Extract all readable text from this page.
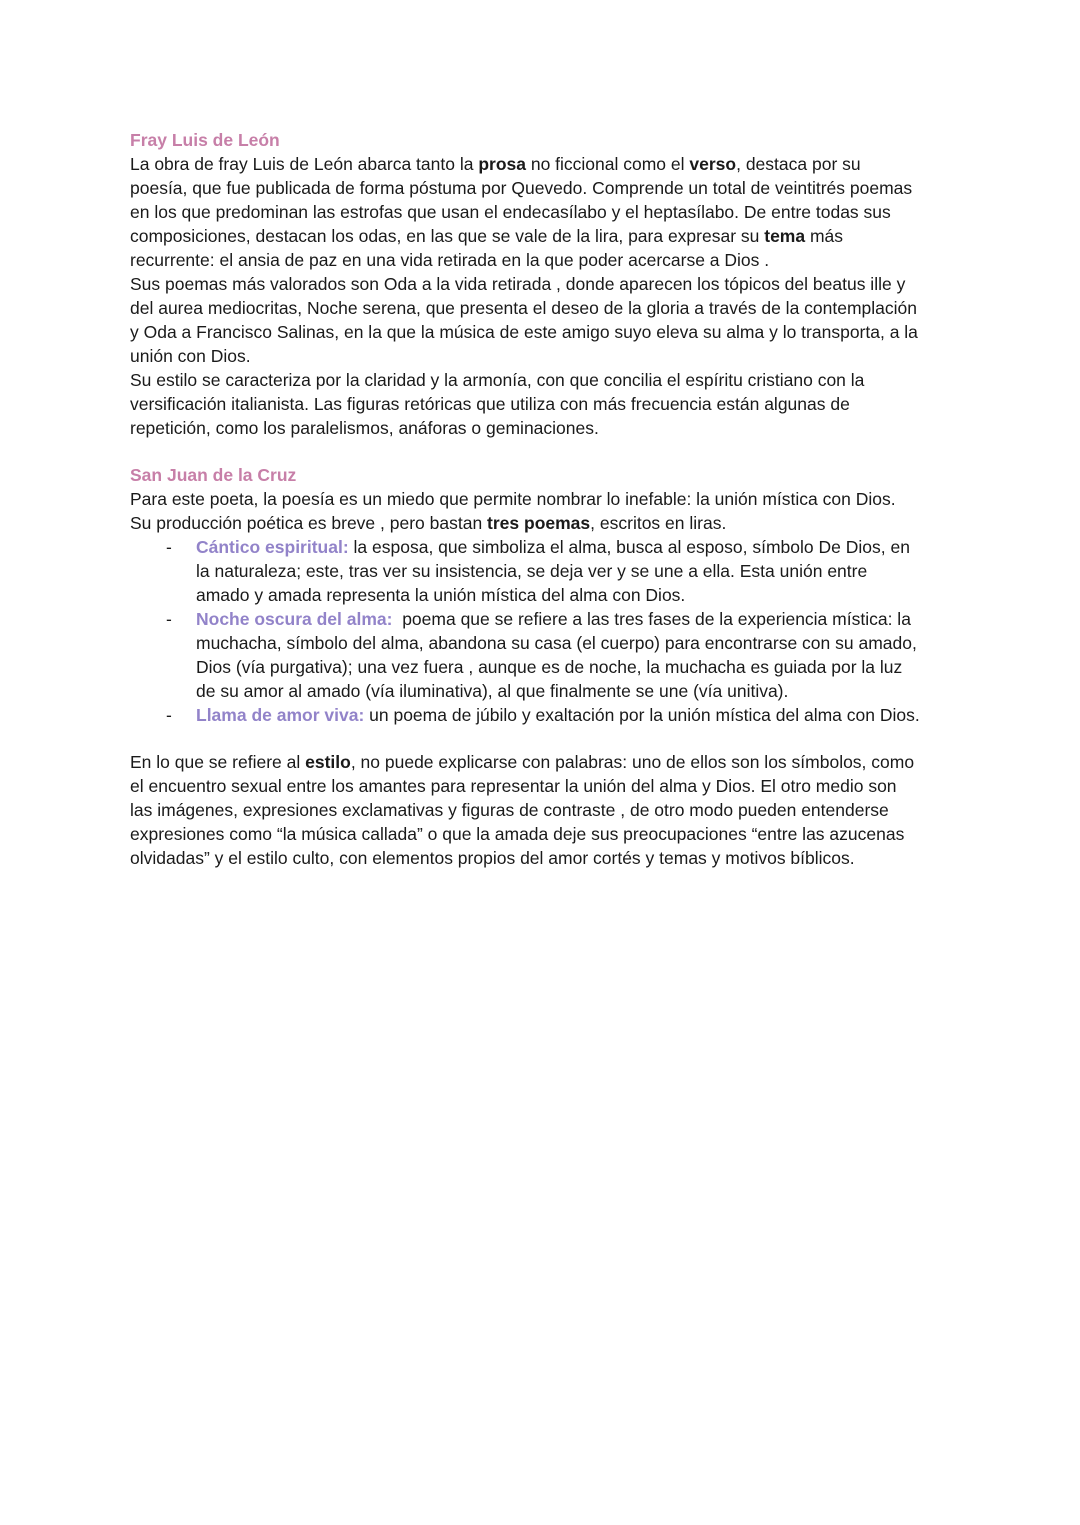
Fray Luis de León

La obra de fray Luis de León abarca tanto la prosa no ficcional como el verso, destaca por su
poesía, que fue publicada de forma póstuma por Quevedo. Comprende un total de veintitrés poemas
en los que predominan las estrofas que usan el endecasílabo y el heptasílabo. De entre todas sus
composiciones, destacan los odas, en las que se vale de la lira, para expresar su tema más
recurrente: el ansia de paz en una vida retirada en la que poder acercarse a Dios .

Sus poemas más valorados son Oda a la vida retirada , donde aparecen los tópicos del beatus ille y
del aurea mediocritas, Noche serena, que presenta el deseo de la gloria a través de la contemplación
y Oda a Francisco Salinas, en la que la música de este amigo suyo eleva su alma y lo transporta, a la
unión con Dios.

Su estilo se caracteriza por la claridad y la armonía, con que concilia el espíritu cristiano con la
versificación italianista. Las figuras retóricas que utiliza con más frecuencia están algunas de
repetición, como los paralelismos, anáforas o geminaciones.

San Juan de la Cruz

Para este poeta, la poesía es un miedo que permite nombrar lo inefable: la unión mística con Dios.
Su producción poética es breve , pero bastan tres poemas, escritos en liras.

- Cántico espiritual: la esposa, que simboliza el alma, busca al esposo, símbolo De Dios, en
la naturaleza; este, tras ver su insistencia, se deja ver y se une a ella. Esta unión entre
amado y amada representa la unión mística del alma con Dios.
- Noche oscura del alma:  poema que se refiere a las tres fases de la experiencia mística: la
muchacha, símbolo del alma, abandona su casa (el cuerpo) para encontrarse con su amado,
Dios (vía purgativa); una vez fuera , aunque es de noche, la muchacha es guiada por la luz
de su amor al amado (vía iluminativa), al que finalmente se une (vía unitiva).
- Llama de amor viva: un poema de júbilo y exaltación por la unión mística del alma con Dios.

En lo que se refiere al estilo, no puede explicarse con palabras: uno de ellos son los símbolos, como
el encuentro sexual entre los amantes para representar la unión del alma y Dios. El otro medio son
las imágenes, expresiones exclamativas y figuras de contraste , de otro modo pueden entenderse
expresiones como “la música callada” o que la amada deje sus preocupaciones “entre las azucenas
olvidadas” y el estilo culto, con elementos propios del amor cortés y temas y motivos bíblicos.
